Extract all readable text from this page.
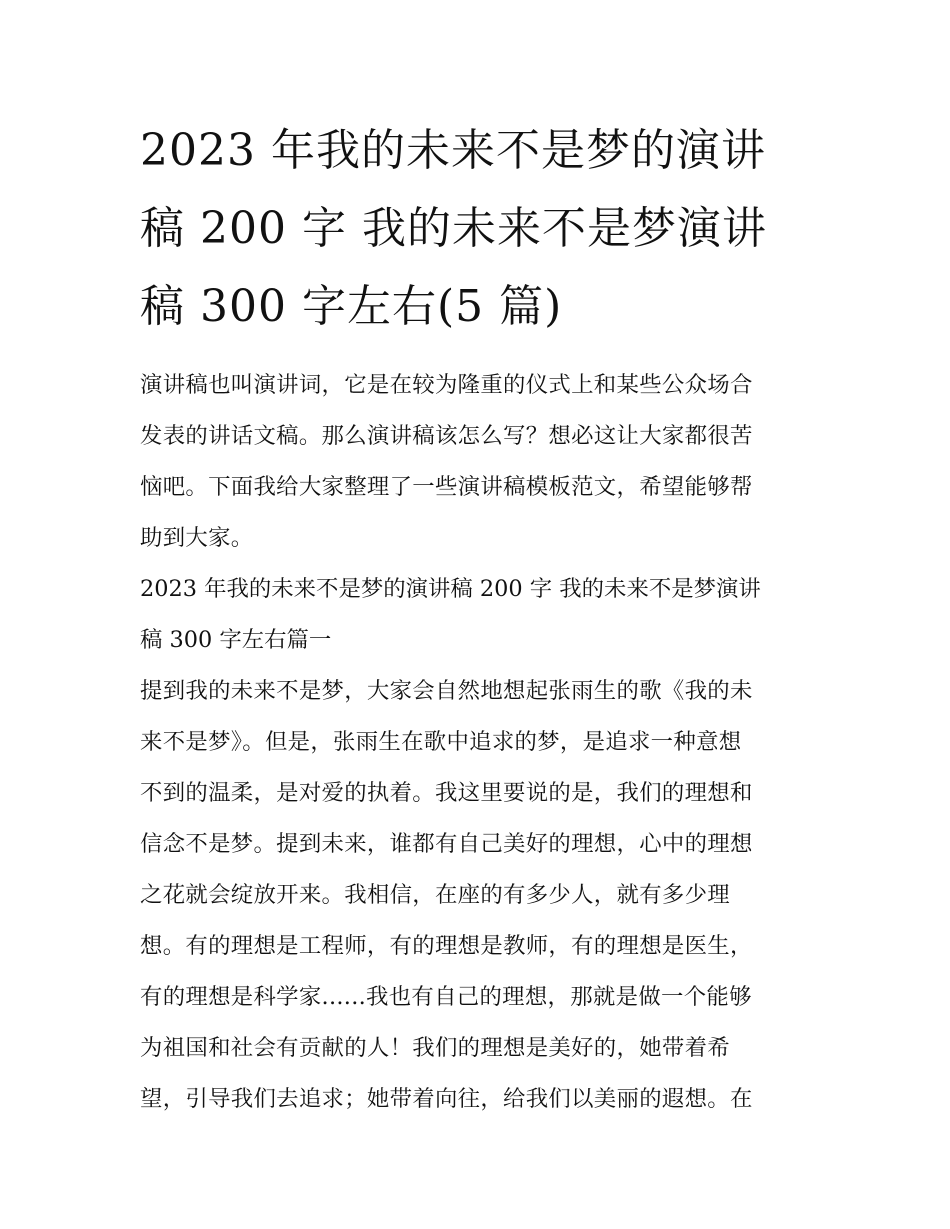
2023 年我的未来不是梦的演讲
稿 200 字 我的未来不是梦演讲
稿 300 字左右(5 篇)
演讲稿也叫演讲词，它是在较为隆重的仪式上和某些公众场合
发表的讲话文稿。那么演讲稿该怎么写？想必这让大家都很苦
恼吧。下面我给大家整理了一些演讲稿模板范文，希望能够帮
助到大家。
2023 年我的未来不是梦的演讲稿 200 字 我的未来不是梦演讲
稿 300 字左右篇一
提到我的未来不是梦，大家会自然地想起张雨生的歌《我的未
来不是梦》。但是，张雨生在歌中追求的梦，是追求一种意想
不到的温柔，是对爱的执着。我这里要说的是，我们的理想和
信念不是梦。提到未来，谁都有自己美好的理想，心中的理想
之花就会绽放开来。我相信，在座的有多少人，就有多少理
想。有的理想是工程师，有的理想是教师，有的理想是医生，
有的理想是科学家......我也有自己的理想，那就是做一个能够
为祖国和社会有贡献的人！我们的理想是美好的，她带着希
望，引导我们去追求；她带着向往，给我们以美丽的遐想。在
